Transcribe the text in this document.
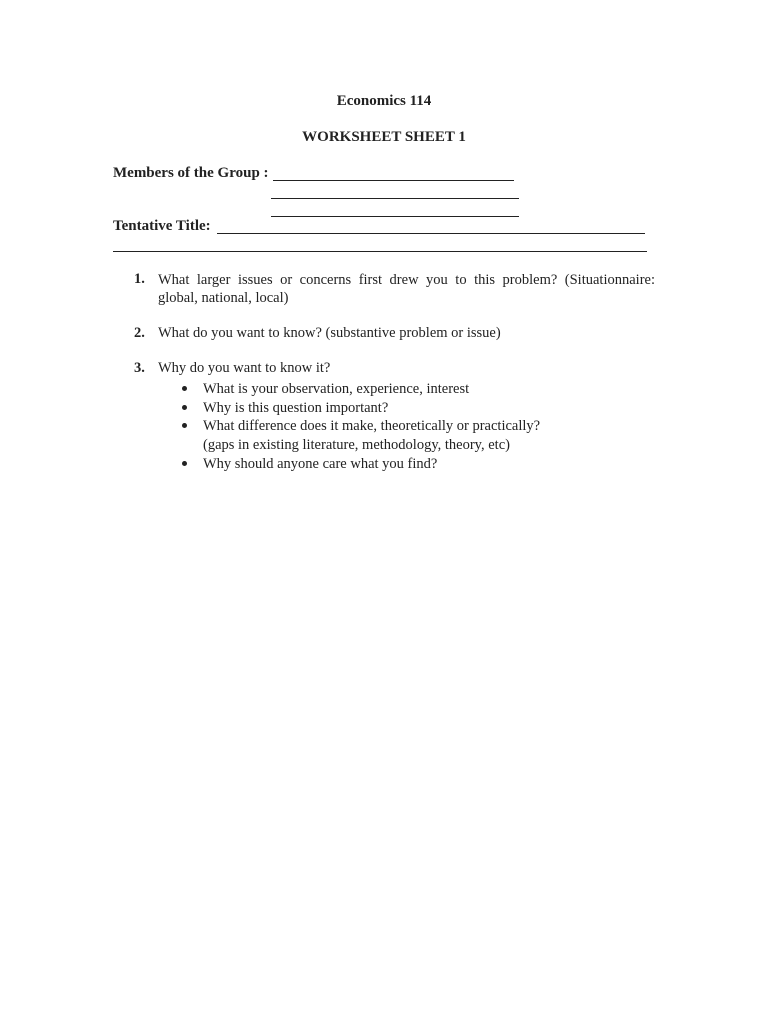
Economics 114
WORKSHEET SHEET 1
Members of the Group :
Tentative Title:
1. What larger issues or concerns first drew you to this problem? (Situationnaire: global, national, local)
2. What do you want to know? (substantive problem or issue)
3. Why do you want to know it?
What is your observation, experience, interest
Why is this question important?
What difference does it make, theoretically or practically?
(gaps in existing literature, methodology, theory, etc)
Why should anyone care what you find?
